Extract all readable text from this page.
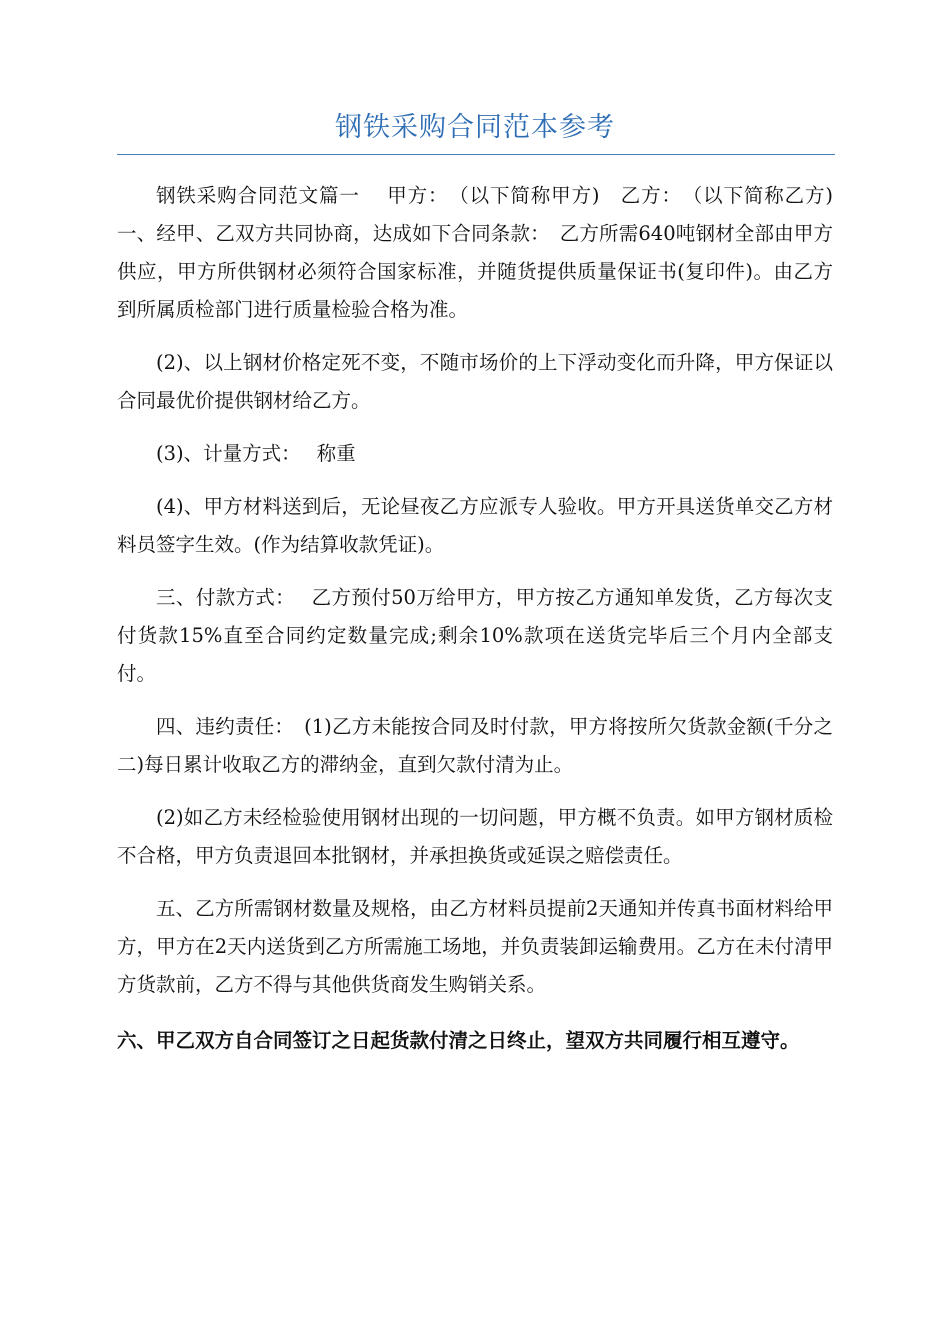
钢铁采购合同范本参考

钢铁采购合同范文篇一　 甲方：　（以下简称甲方)　乙方：　（以下简称乙方)　一、经甲、乙双方共同协商，达成如下合同条款：　乙方所需640吨钢材全部由甲方供应，甲方所供钢材必须符合国家标准，并随货提供质量保证书(复印件)。由乙方到所属质检部门进行质量检验合格为准。

(2)、以上钢材价格定死不变，不随市场价的上下浮动变化而升降，甲方保证以合同最优价提供钢材给乙方。

(3)、计量方式：　 称重

(4)、甲方材料送到后，无论昼夜乙方应派专人验收。甲方开具送货单交乙方材料员签字生效。(作为结算收款凭证)。

三、付款方式：　 乙方预付50万给甲方，甲方按乙方通知单发货，乙方每次支付货款15%直至合同约定数量完成;剩余10%款项在送货完毕后三个月内全部支付。

四、违约责任：　(1)乙方未能按合同及时付款，甲方将按所欠货款金额(千分之二)每日累计收取乙方的滞纳金，直到欠款付清为止。

(2)如乙方未经检验使用钢材出现的一切问题，甲方概不负责。如甲方钢材质检不合格，甲方负责退回本批钢材，并承担换货或延误之赔偿责任。

五、乙方所需钢材数量及规格，由乙方材料员提前2天通知并传真书面材料给甲方，甲方在2天内送货到乙方所需施工场地，并负责装卸运输费用。乙方在未付清甲方货款前，乙方不得与其他供货商发生购销关系。

六、甲乙双方自合同签订之日起货款付清之日终止，望双方共同履行相互遵守。
